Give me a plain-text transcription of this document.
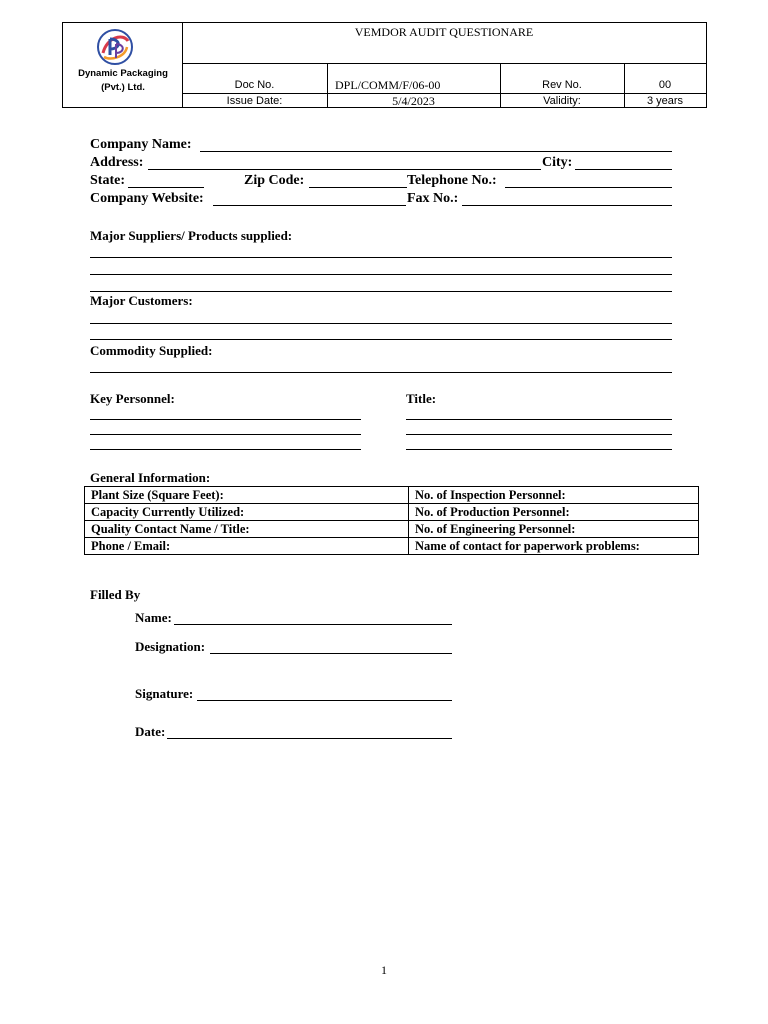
Dynamic Packaging (Pvt.) Ltd.
VEMDOR AUDIT QUESTIONARE
Doc No.	DPL/COMM/F/06-00	Rev No.	00
Issue Date:	5/4/2023	Validity:	3 years
Company Name:
Address:	City:
State:	Zip Code:	Telephone No.:
Company Website:	Fax No.:
Major Suppliers/ Products supplied:
Major Customers:
Commodity Supplied:
Key Personnel:	Title:
General Information:
Plant Size (Square Feet):	No. of Inspection Personnel:
Capacity Currently Utilized:	No. of Production Personnel:
Quality Contact Name / Title:	No. of Engineering Personnel:
Phone / Email:	Name of contact for paperwork problems:
Filled By
Name:
Designation:
Signature:
Date:
1
